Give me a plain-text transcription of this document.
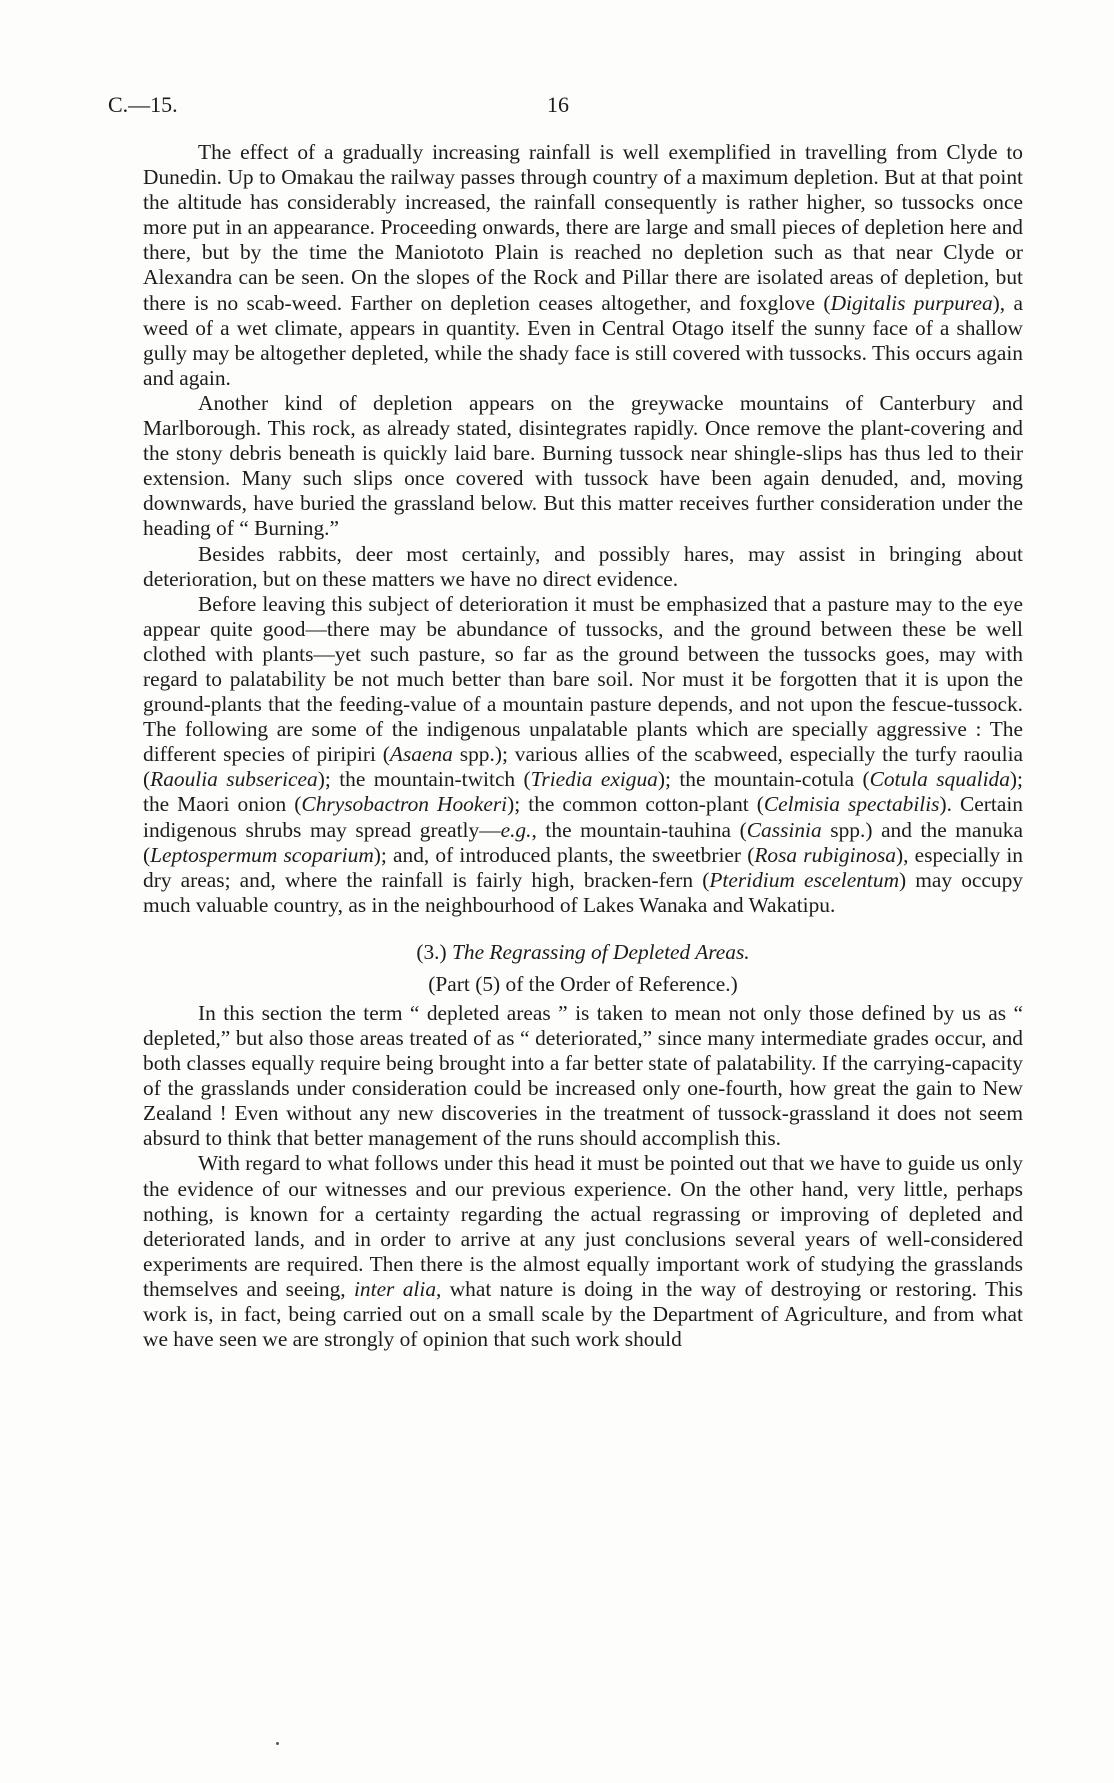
C.—15.	16

The effect of a gradually increasing rainfall is well exemplified in travelling from Clyde to Dunedin. Up to Omakau the railway passes through country of a maximum depletion. But at that point the altitude has considerably increased, the rainfall consequently is rather higher, so tussocks once more put in an appearance. Proceeding onwards, there are large and small pieces of depletion here and there, but by the time the Maniototo Plain is reached no depletion such as that near Clyde or Alexandra can be seen. On the slopes of the Rock and Pillar there are isolated areas of depletion, but there is no scab-weed. Farther on depletion ceases altogether, and foxglove (Digitalis purpurea), a weed of a wet climate, appears in quantity. Even in Central Otago itself the sunny face of a shallow gully may be altogether depleted, while the shady face is still covered with tussocks. This occurs again and again.

Another kind of depletion appears on the greywacke mountains of Canterbury and Marlborough. This rock, as already stated, disintegrates rapidly. Once remove the plant-covering and the stony debris beneath is quickly laid bare. Burning tussock near shingle-slips has thus led to their extension. Many such slips once covered with tussock have been again denuded, and, moving downwards, have buried the grassland below. But this matter receives further consideration under the heading of “ Burning.”

Besides rabbits, deer most certainly, and possibly hares, may assist in bringing about deterioration, but on these matters we have no direct evidence.

Before leaving this subject of deterioration it must be emphasized that a pasture may to the eye appear quite good—there may be abundance of tussocks, and the ground between these be well clothed with plants—yet such pasture, so far as the ground between the tussocks goes, may with regard to palatability be not much better than bare soil. Nor must it be forgotten that it is upon the ground-plants that the feeding-value of a mountain pasture depends, and not upon the fescue-tussock. The following are some of the indigenous unpalatable plants which are specially aggressive : The different species of piripiri (Asaena spp.); various allies of the scabweed, especially the turfy raoulia (Raoulia subsericea); the mountain-twitch (Triedia exigua); the mountain-cotula (Cotula squalida); the Maori onion (Chrysobactron Hookeri); the common cotton-plant (Celmisia spectabilis). Certain indigenous shrubs may spread greatly—e.g., the mountain-tauhina (Cassinia spp.) and the manuka (Leptospermum scoparium); and, of introduced plants, the sweetbrier (Rosa rubiginosa), especially in dry areas; and, where the rainfall is fairly high, bracken-fern (Pteridium escelentum) may occupy much valuable country, as in the neighbourhood of Lakes Wanaka and Wakatipu.

(3.) The Regrassing of Depleted Areas.
(Part (5) of the Order of Reference.)

In this section the term “ depleted areas ” is taken to mean not only those defined by us as “ depleted,” but also those areas treated of as “ deteriorated,” since many intermediate grades occur, and both classes equally require being brought into a far better state of palatability. If the carrying-capacity of the grasslands under consideration could be increased only one-fourth, how great the gain to New Zealand ! Even without any new discoveries in the treatment of tussock-grassland it does not seem absurd to think that better management of the runs should accomplish this.

With regard to what follows under this head it must be pointed out that we have to guide us only the evidence of our witnesses and our previous experience. On the other hand, very little, perhaps nothing, is known for a certainty regarding the actual regrassing or improving of depleted and deteriorated lands, and in order to arrive at any just conclusions several years of well-considered experiments are required. Then there is the almost equally important work of studying the grasslands themselves and seeing, inter alia, what nature is doing in the way of destroying or restoring. This work is, in fact, being carried out on a small scale by the Department of Agriculture, and from what we have seen we are strongly of opinion that such work should
